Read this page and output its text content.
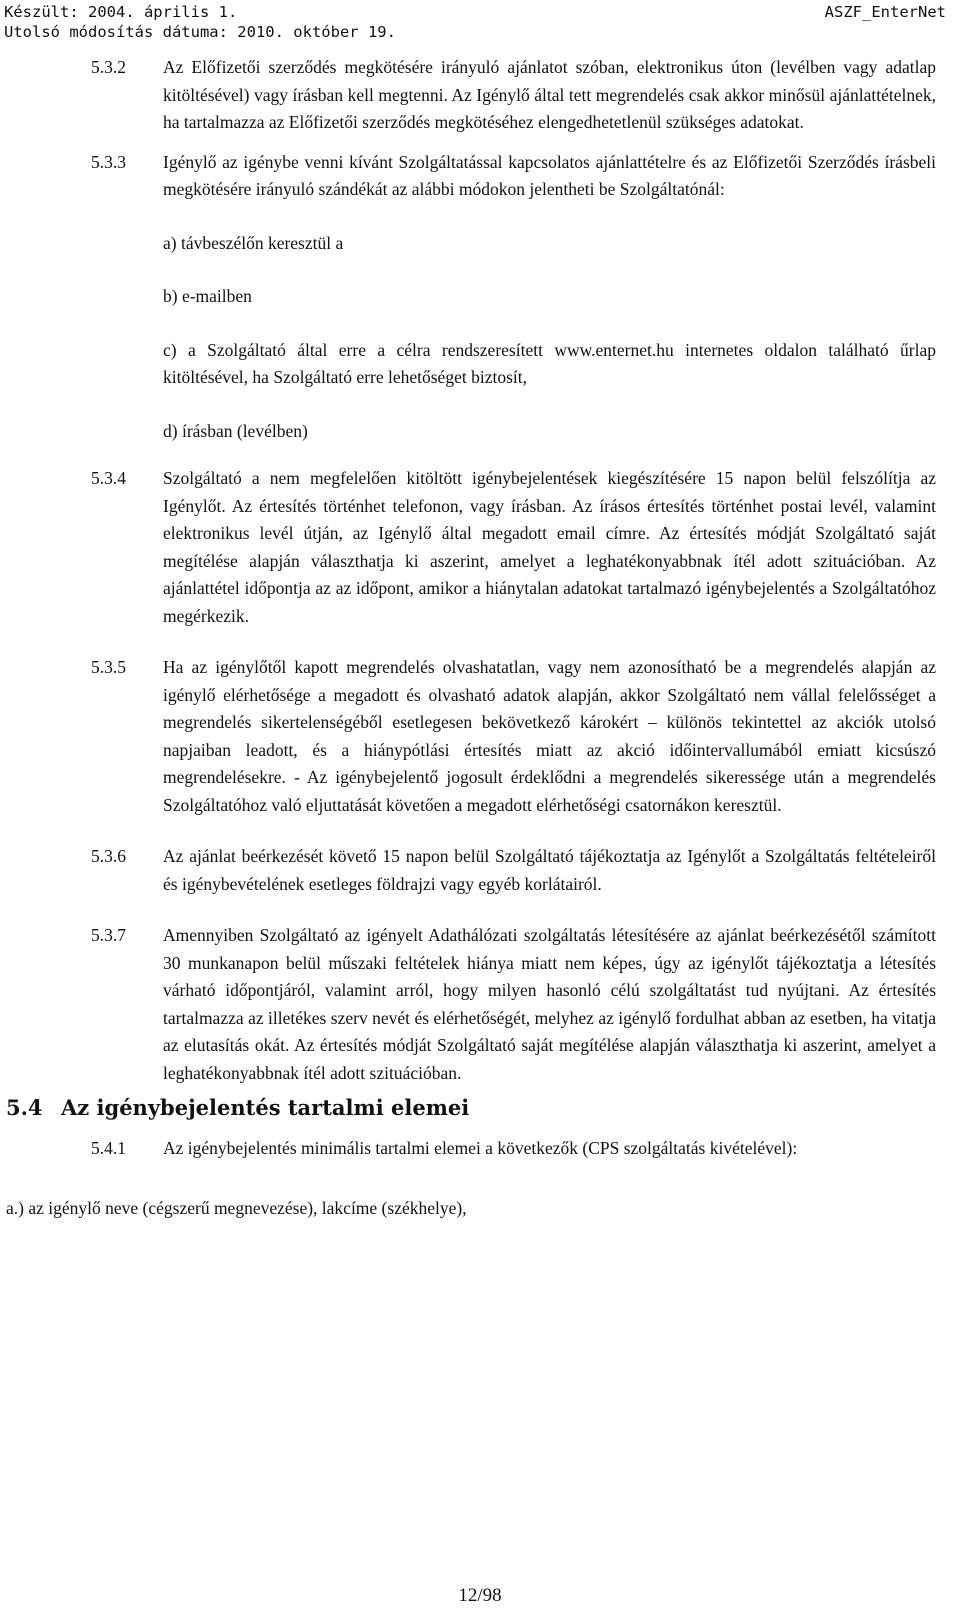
Készült: 2004. április 1.
Utolsó módosítás dátuma: 2010. október 19.
ASZF_EnterNet
5.3.2 Az Előfizetői szerződés megkötésére irányuló ajánlatot szóban, elektronikus úton (levélben vagy adatlap kitöltésével) vagy írásban kell megtenni. Az Igénylő által tett megrendelés csak akkor minősül ajánlattételnek, ha tartalmazza az Előfizetői szerződés megkötéséhez elengedhetetlenül szükséges adatokat.
5.3.3 Igénylő az igénybe venni kívánt Szolgáltatással kapcsolatos ajánlattételre és az Előfizetői Szerződés írásbeli megkötésére irányuló szándékát az alábbi módokon jelentheti be Szolgáltatónál:
a) távbeszélőn keresztül a
b) e-mailben
c) a Szolgáltató által erre a célra rendszeresített www.enternet.hu internetes oldalon található űrlap kitöltésével, ha Szolgáltató erre lehetőséget biztosít,
d) írásban (levélben)
5.3.4 Szolgáltató a nem megfelelően kitöltött igénybejelentések kiegészítésére 15 napon belül felszólítja az Igénylőt. Az értesítés történhet telefonon, vagy írásban. Az írásos értesítés történhet postai levél, valamint elektronikus levél útján, az Igénylő által megadott email címre. Az értesítés módját Szolgáltató saját megítélése alapján választhatja ki aszerint, amelyet a leghatékonyabbnak ítél adott szituációban. Az ajánlattétel időpontja az az időpont, amikor a hiánytalan adatokat tartalmazó igénybejelentés a Szolgáltatóhoz megérkezik.
5.3.5 Ha az igénylőtől kapott megrendelés olvashatatlan, vagy nem azonosítható be a megrendelés alapján az igénylő elérhetősége a megadott és olvasható adatok alapján, akkor Szolgáltató nem vállal felelősséget a megrendelés sikertelenségéből esetlegesen bekövetkező károkért – különös tekintettel az akciók utolsó napjaiban leadott, és a hiánypótlási értesítés miatt az akció időintervallumából emiatt kicsúszó megrendelésekre. - Az igénybejelentő jogosult érdeklődni a megrendelés sikeressége után a megrendelés Szolgáltatóhoz való eljuttatását követően a megadott elérhetőségi csatornákon keresztül.
5.3.6 Az ajánlat beérkezését követő 15 napon belül Szolgáltató tájékoztatja az Igénylőt a Szolgáltatás feltételeiről és igénybevételének esetleges földrajzi vagy egyéb korlátairól.
5.3.7 Amennyiben Szolgáltató az igényelt Adathálózati szolgáltatás létesítésére az ajánlat beérkezésétől számított 30 munkanapon belül műszaki feltételek hiánya miatt nem képes, úgy az igénylőt tájékoztatja a létesítés várható időpontjáról, valamint arról, hogy milyen hasonló célú szolgáltatást tud nyújtani. Az értesítés tartalmazza az illetékes szerv nevét és elérhetőségét, melyhez az igénylő fordulhat abban az esetben, ha vitatja az elutasítás okát. Az értesítés módját Szolgáltató saját megítélése alapján választhatja ki aszerint, amelyet a leghatékonyabbnak ítél adott szituációban.
5.4 Az igénybejelentés tartalmi elemei
5.4.1 Az igénybejelentés minimális tartalmi elemei a következők (CPS szolgáltatás kivételével):
a.) az igénylő neve (cégszerű megnevezése), lakcíme (székhelye),
12/98
